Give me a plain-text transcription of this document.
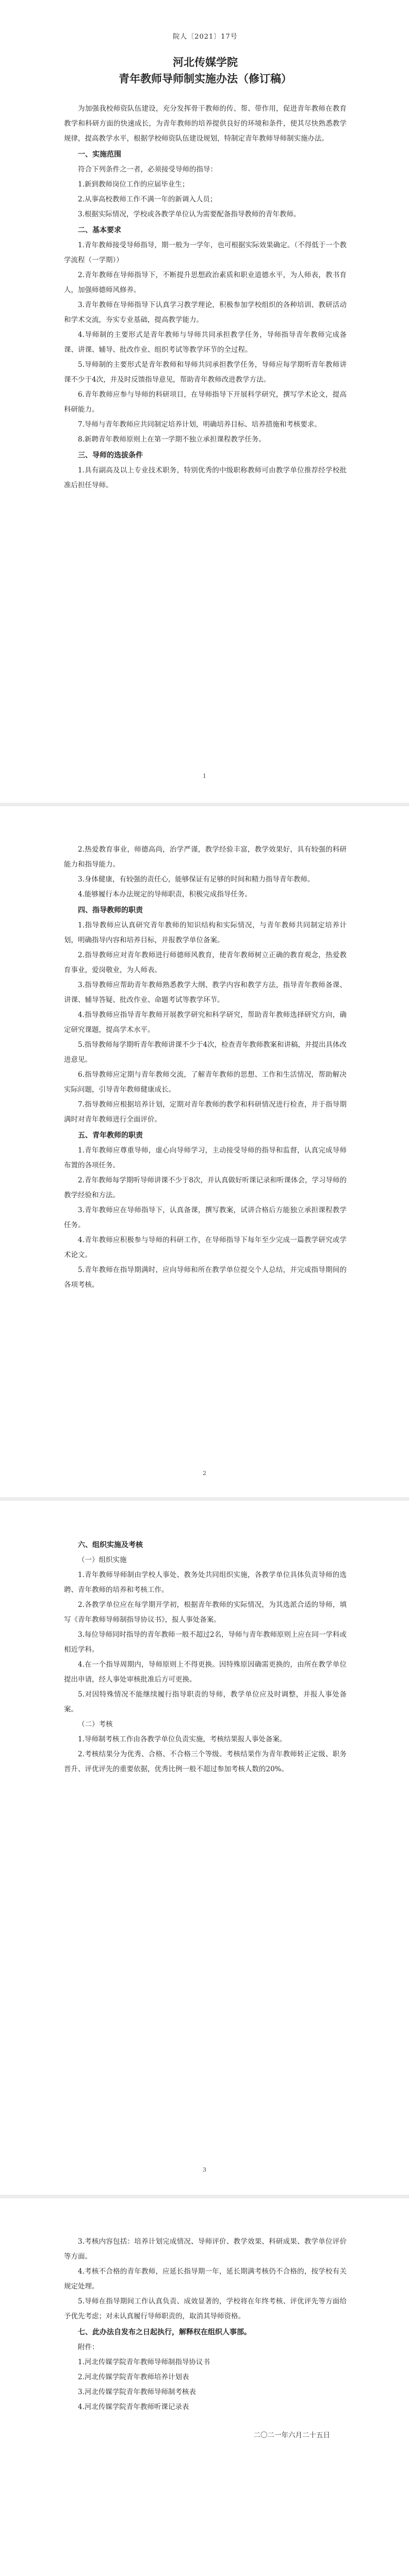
院人〔2021〕17号
河北传媒学院
青年教师导师制实施办法（修订稿）

为加强我校师资队伍建设，充分发挥骨干教师的传、帮、带作用，促进青年教师在教育教学和科研方面的快速成长，为青年教师的培养提供良好的环境和条件，使其尽快熟悉教学规律，提高教学水平，根据学校师资队伍建设规划，特制定青年教师导师制实施办法。

一、实施范围

符合下列条件之一者，必须接受导师的指导：

1.新到教师岗位工作的应届毕业生；

2.从事高校教师工作不满一年的新调入人员；

3.根据实际情况，学校或各教学单位认为需要配备指导教师的青年教师。

二、基本要求

1.青年教师接受导师指导，期一般为一学年，也可根据实际效果确定。（不得低于一个教学流程（一学期））

2.青年教师在导师指导下，不断提升思想政治素质和职业道德水平，为人师表，教书育人，加强师德师风修养。

3.青年教师在导师指导下认真学习教学理论，积极参加学校组织的各种培训、教研活动和学术交流，夯实专业基础，提高教学能力。

4.导师制的主要形式是青年教师与导师共同承担教学任务，导师指导青年教师完成备课、讲课、辅导、批改作业、组织考试等教学环节的全过程。

5.导师制的主要形式是青年教师和导师共同承担教学任务，导师应每学期听青年教师讲课不少于4次，并及时反馈指导意见，帮助青年教师改进教学方法。

6.青年教师应参与导师的科研项目，在导师指导下开展科学研究，撰写学术论文，提高科研能力。

7.导师与青年教师应共同制定培养计划，明确培养目标、培养措施和考核要求。

8.新聘青年教师原则上在第一学期不独立承担课程教学任务。

三、导师的选拔条件

1.具有副高及以上专业技术职务，特别优秀的中级职称教师可由教学单位推荐经学校批准后担任导师。

1

2.热爱教育事业，师德高尚，治学严谨，教学经验丰富，教学效果好，具有较强的科研能力和指导能力。

3.身体健康，有较强的责任心，能够保证有足够的时间和精力指导青年教师。

4.能够履行本办法规定的导师职责，积极完成指导任务。

四、指导教师的职责

1.指导教师应认真研究青年教师的知识结构和实际情况，与青年教师共同制定培养计划，明确指导内容和培养目标，并报教学单位备案。

2.指导教师应对青年教师进行师德师风教育，使青年教师树立正确的教育观念，热爱教育事业，爱岗敬业，为人师表。

3.指导教师应帮助青年教师熟悉教学大纲、教学内容和教学方法，指导青年教师备课、讲课、辅导答疑、批改作业、命题考试等教学环节。

4.指导教师应指导青年教师开展教学研究和科学研究，帮助青年教师选择研究方向，确定研究课题，提高学术水平。

5.指导教师每学期听青年教师讲课不少于4次，检查青年教师教案和讲稿，并提出具体改进意见。

6.指导教师应定期与青年教师交流，了解青年教师的思想、工作和生活情况，帮助解决实际问题，引导青年教师健康成长。

7.指导教师应根据培养计划，定期对青年教师的教学和科研情况进行检查，并于指导期满时对青年教师进行全面评价。

五、青年教师的职责

1.青年教师应尊重导师，虚心向导师学习，主动接受导师的指导和监督，认真完成导师布置的各项任务。

2.青年教师每学期听导师讲课不少于8次，并认真做好听课记录和听课体会，学习导师的教学经验和方法。

3.青年教师应在导师指导下，认真备课，撰写教案，试讲合格后方能独立承担课程教学任务。

4.青年教师应积极参与导师的科研工作，在导师指导下每年至少完成一篇教学研究或学术论文。

5.青年教师在指导期满时，应向导师和所在教学单位提交个人总结，并完成指导期间的各项考核。

2
六、组织实施及考核
（一）组织实施

1.青年教师导师制由学校人事处、教务处共同组织实施，各教学单位具体负责导师的选聘、青年教师的培养和考核工作。

2.各教学单位应在每学期开学初，根据青年教师的实际情况，为其选派合适的导师，填写《青年教师导师制指导协议书》，报人事处备案。

3.每位导师同时指导的青年教师一般不超过2名，导师与青年教师原则上应在同一学科或相近学科。

4.在一个指导周期内，导师原则上不得更换。因特殊原因确需更换的，由所在教学单位提出申请，经人事处审核批准后方可更换。

5.对因特殊情况不能继续履行指导职责的导师，教学单位应及时调整，并报人事处备案。

（二）考核

1.导师制考核工作由各教学单位负责实施，考核结果报人事处备案。

2.考核结果分为优秀、合格、不合格三个等级。考核结果作为青年教师转正定级、职务晋升、评优评先的重要依据，优秀比例一般不超过参加考核人数的20%。

3

3.考核内容包括：培养计划完成情况、导师评价、教学效果、科研成果、教学单位评价等方面。

4.考核不合格的青年教师，应延长指导期一年，延长期满考核仍不合格的，按学校有关规定处理。

5.导师在指导期间工作认真负责、成效显著的，学校将在年终考核、评优评先等方面给予优先考虑；对未认真履行导师职责的，取消其导师资格。

七、此办法自发布之日起执行，解释权在组织人事部。

附件：

1.河北传媒学院青年教师导师制指导协议书

2.河北传媒学院青年教师培养计划表

3.河北传媒学院青年教师导师制考核表

4.河北传媒学院青年教师听课记录表

二〇二一年六月二十五日
